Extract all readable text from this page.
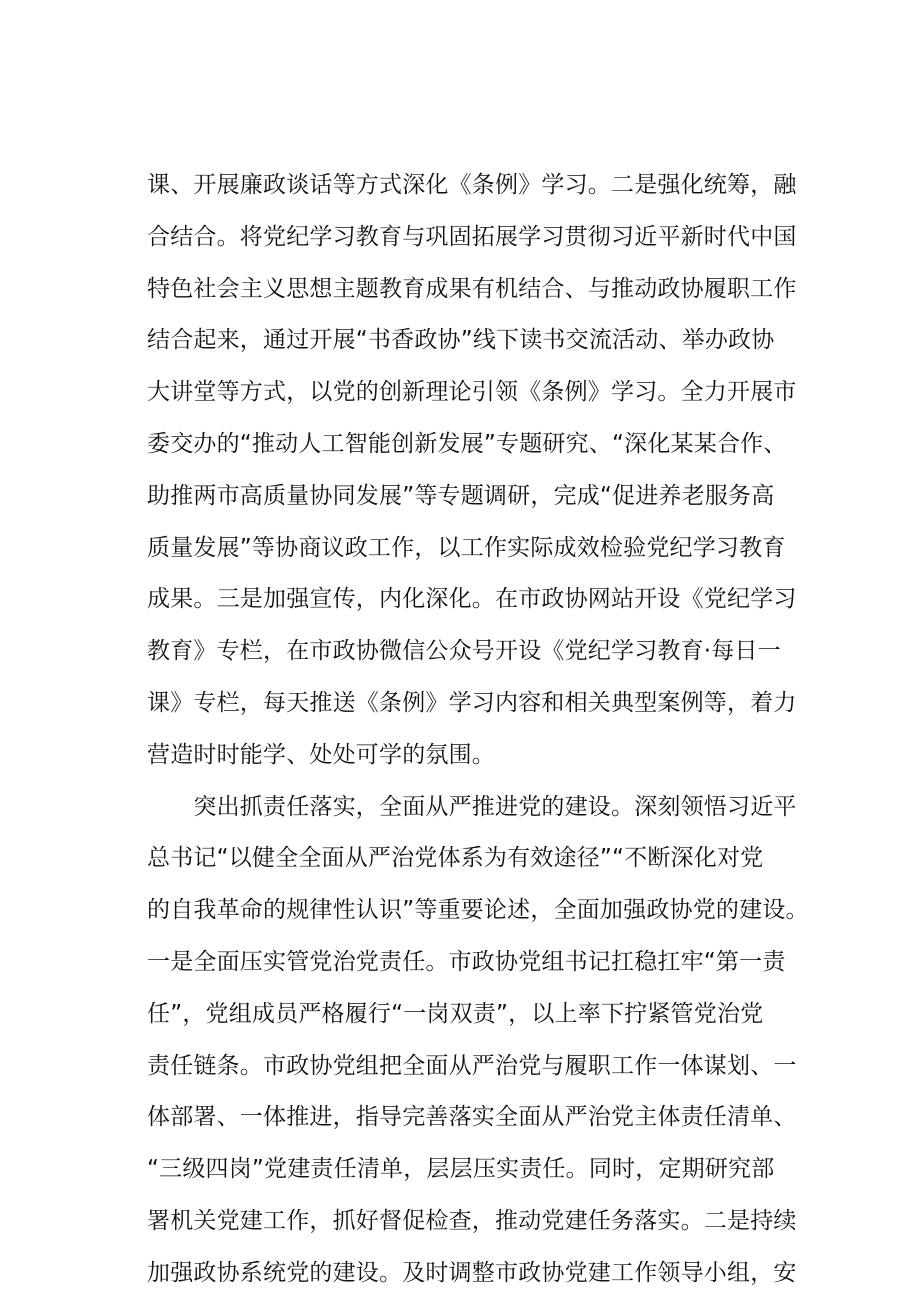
课、开展廉政谈话等方式深化《条例》学习。二是强化统筹，融
合结合。将党纪学习教育与巩固拓展学习贯彻习近平新时代中国
特色社会主义思想主题教育成果有机结合、与推动政协履职工作
结合起来，通过开展“书香政协”线下读书交流活动、举办政协
大讲堂等方式，以党的创新理论引领《条例》学习。全力开展市
委交办的“推动人工智能创新发展”专题研究、“深化某某合作、
助推两市高质量协同发展”等专题调研，完成“促进养老服务高
质量发展”等协商议政工作，以工作实际成效检验党纪学习教育
成果。三是加强宣传，内化深化。在市政协网站开设《党纪学习
教育》专栏，在市政协微信公众号开设《党纪学习教育·每日一
课》专栏，每天推送《条例》学习内容和相关典型案例等，着力
营造时时能学、处处可学的氛围。
　　突出抓责任落实，全面从严推进党的建设。深刻领悟习近平
总书记“以健全全面从严治党体系为有效途径”“不断深化对党
的自我革命的规律性认识”等重要论述，全面加强政协党的建设。
一是全面压实管党治党责任。市政协党组书记扛稳扛牢“第一责
任”，党组成员严格履行“一岗双责”，以上率下拧紧管党治党
责任链条。市政协党组把全面从严治党与履职工作一体谋划、一
体部署、一体推进，指导完善落实全面从严治党主体责任清单、
“三级四岗”党建责任清单，层层压实责任。同时，定期研究部
署机关党建工作，抓好督促检查，推动党建任务落实。二是持续
加强政协系统党的建设。及时调整市政协党建工作领导小组，安
